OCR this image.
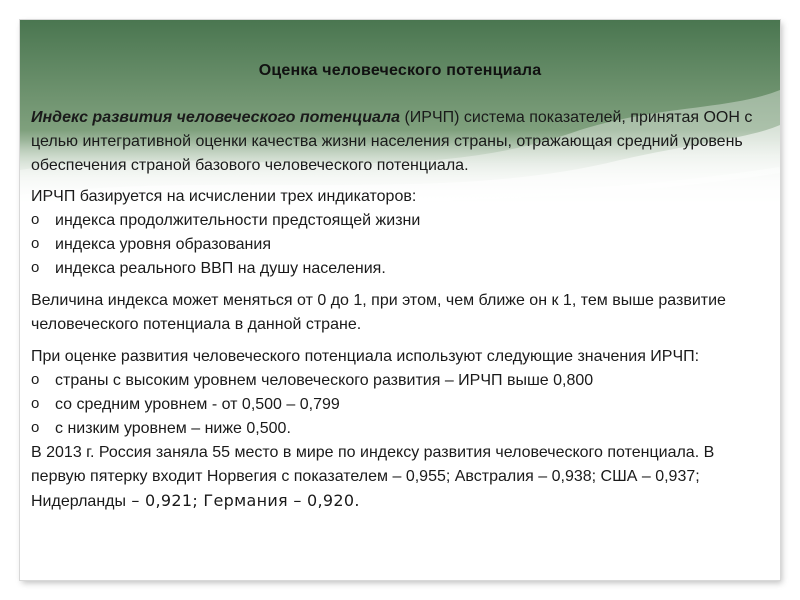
Оценка человеческого потенциала

Индекс развития человеческого потенциала (ИРЧП) система показателей, принятая ООН с целью интегративной оценки качества жизни населения страны, отражающая средний уровень обеспечения страной базового человеческого потенциала.

ИРЧП базируется на исчислении трех индикаторов:

o индекса продолжительности предстоящей жизни
o индекса уровня образования
o индекса реального ВВП на душу населения.

Величина индекса может меняться от 0 до 1, при этом, чем ближе он к 1, тем выше развитие человеческого потенциала в данной стране.

При оценке развития человеческого потенциала используют следующие значения ИРЧП:

o страны с высоким уровнем человеческого развития – ИРЧП выше 0,800
o со средним уровнем - от 0,500 – 0,799
o с низким уровнем – ниже 0,500.

В 2013 г. Россия заняла 55 место в мире по индексу развития человеческого потенциала. В первую пятерку входит Норвегия с показателем – 0,955; Австралия – 0,938; США – 0,937; Нидерланды – 0,921; Германия – 0,920.
